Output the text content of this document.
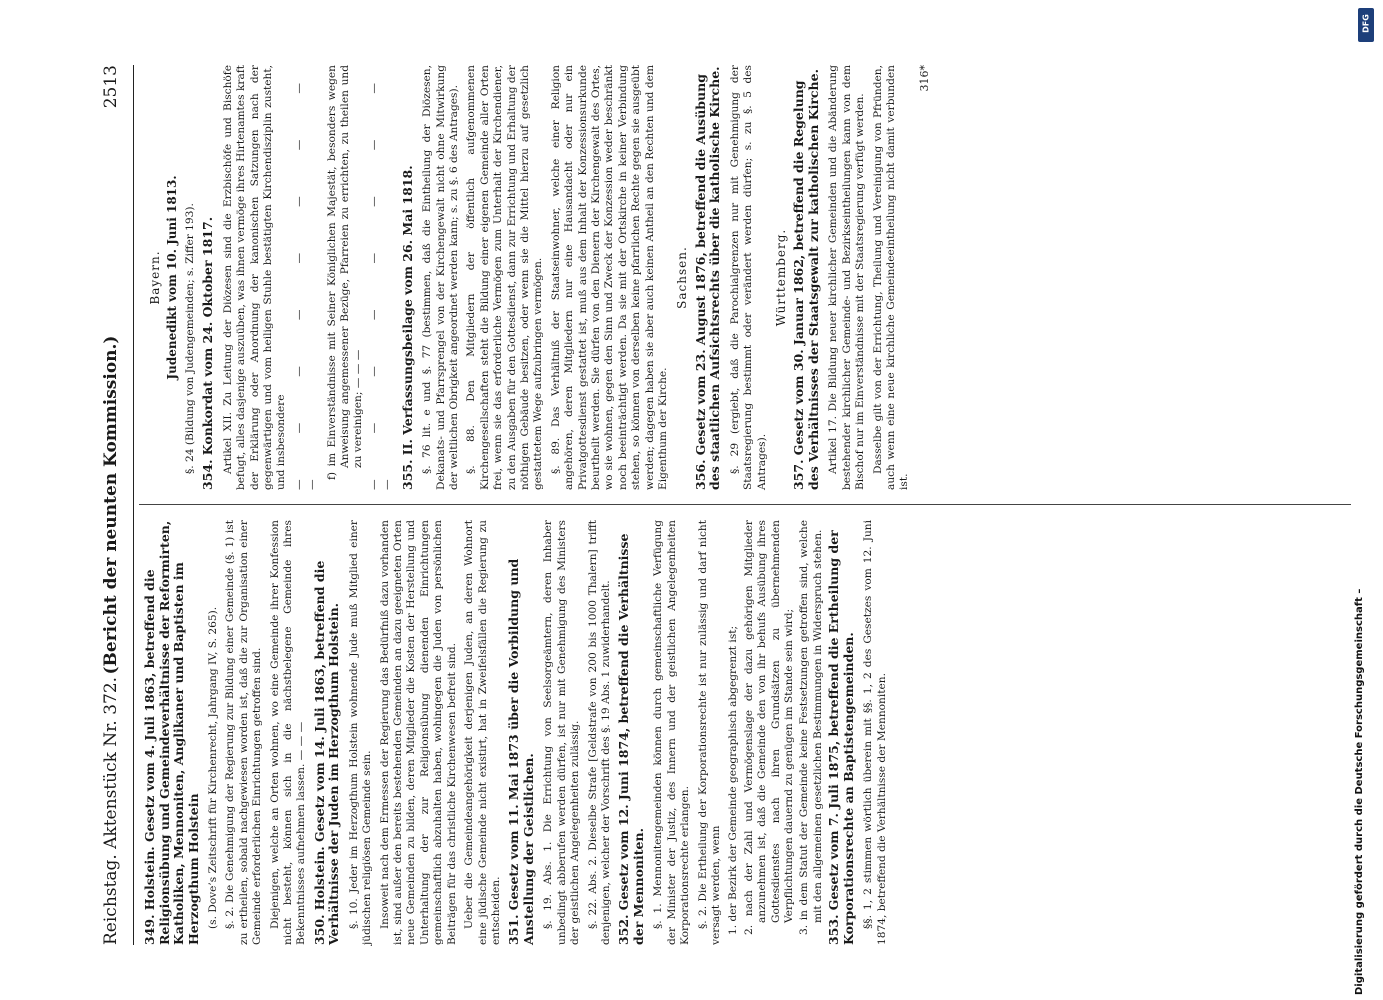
Reichstag. Aktenstück Nr. 372.
(Bericht der neunten Kommission.)
2513
349. Holstein. Gesetz vom 4. Juli 1863, betreffend die Religionsübung und Gemeindeverhältnisse der Reformirten, Katholiken, Mennoniten, Anglikaner und Baptisten im Herzogthum Holstein (s. Dove’s Zeitschrift für Kirchenrecht, Jahrgang IV, S. 265). §. 2. Die Genehmigung der Regierung zur Bildung einer Gemeinde (§. 1) ist zu ertheilen, sobald nachgewiesen worden ist, daß die zur Organisation einer Gemeinde erforderlichen Einrichtungen getroffen sind. Diejenigen, welche an Orten wohnen, wo eine Gemeinde ihrer Konfession nicht besteht, können sich in die nächstbelegene Gemeinde ihres Bekenntnisses aufnehmen lassen. — — — 350. Holstein. Gesetz vom 14. Juli 1863, betreffend die Verhältnisse der Juden im Herzogthum Holstein. §. 10. Jeder im Herzogthum Holstein wohnende Jude muß Mitglied einer jüdischen religiösen Gemeinde sein. Insoweit nach dem Ermessen der Regierung das Bedürfniß dazu vorhanden ist, sind außer den bereits bestehenden Gemeinden an dazu geeigneten Orten neue Gemeinden zu bilden, deren Mitglieder die Kosten der Herstellung und Unterhaltung der zur Religionsübung dienenden Einrichtungen gemeinschaftlich abzuhalten haben, wohingegen die Juden von persönlichen Beiträgen für das christliche Kirchenwesen befreit sind. Ueber die Gemeindeangehörigkeit derjenigen Juden, an deren Wohnort eine jüdische Gemeinde nicht existirt, hat in Zweifelsfällen die Regierung zu entscheiden. 351. Gesetz vom 11. Mai 1873 über die Vorbildung und Anstellung der Geistlichen. §. 19. Abs. 1. Die Errichtung von Seelsorgeämtern, deren Inhaber unbedingt abberufen werden dürfen, ist nur mit Genehmigung des Ministers der geistlichen Angelegenheiten zulässig. §. 22. Abs. 2. Dieselbe Strafe [Geldstrafe von 200 bis 1000 Thalern] trifft denjenigen, welcher der Vorschrift des §. 19 Abs. 1 zuwiderhandelt. 352. Gesetz vom 12. Juni 1874, betreffend die Verhältnisse der Mennoniten. §. 1. Mennonitengemeinden können durch gemeinschaftliche Verfügung der Minister der Justiz, des Innern und der geistlichen Angelegenheiten Korporationsrechte erlangen. §. 2. Die Ertheilung der Korporationsrechte ist nur zulässig und darf nicht versagt werden, wenn 1. der Bezirk der Gemeinde geographisch abgegrenzt ist; 2. nach der Zahl und Vermögenslage der dazu gehörigen Mitglieder anzunehmen ist, daß die Gemeinde den von ihr behufs Ausübung ihres Gottesdienstes nach ihren Grundsätzen zu übernehmenden Verpflichtungen dauernd zu genügen im Stande sein wird; 3. in dem Statut der Gemeinde keine Festsetzungen getroffen sind, welche mit den allgemeinen gesetzlichen Bestimmungen in Widerspruch stehen. 353. Gesetz vom 7. Juli 1875, betreffend die Ertheilung der Korporationsrechte an Baptistengemeinden. §§. 1, 2 stimmen wörtlich überein mit §§. 1, 2 des Gesetzes vom 12. Juni 1874, betreffend die Verhältnisse der Mennoniten.
Bayern. Judenedikt vom 10. Juni 1813. §. 24 (Bildung von Judengemeinden; s. Ziffer 193). 354. Konkordat vom 24. Oktober 1817. Artikel XII. Zu Leitung der Diözesen sind die Erzbischöfe und Bischöfe befugt, alles dasjenige auszuüben, was ihnen vermöge ihres Hirtenamtes kraft der Erklärung oder Anordnung der kanonischen Satzungen nach der gegenwärtigen und vom heiligen Stuhle bestätigten Kirchendisziplin zusteht, und insbesondere — — — — — — — — — f) im Einverständnisse mit Seiner Königlichen Majestät, besonders wegen Anweisung angemessener Bezüge, Pfarreien zu errichten, zu theilen und zu vereinigen; — — — — — — — — — — — — 355. II. Verfassungsbeilage vom 26. Mai 1818. §. 76 lit. e und §. 77 (bestimmen, daß die Eintheilung der Diözesen, Dekanats- und Pfarrsprengel von der Kirchengewalt nicht ohne Mitwirkung der weltlichen Obrigkeit angeordnet werden kann; s. zu §. 6 des Antrages). §. 88. Den Mitgliedern der öffentlich aufgenommenen Kirchengesellschaften steht die Bildung einer eigenen Gemeinde aller Orten frei, wenn sie das erforderliche Vermögen zum Unterhalt der Kirchendiener, zu den Ausgaben für den Gottesdienst, dann zur Errichtung und Erhaltung der nöthigen Gebäude besitzen, oder wenn sie die Mittel hierzu auf gesetzlich gestattetem Wege aufzubringen vermögen. §. 89. Das Verhältniß der Staatseinwohner, welche einer Religion angehören, deren Mitgliedern nur eine Hausandacht oder nur ein Privatgottesdienst gestattet ist, muß aus dem Inhalt der Konzessionsurkunde beurtheilt werden. Sie dürfen von den Dienern der Kirchengewalt des Ortes, wo sie wohnen, gegen den Sinn und Zweck der Konzession weder beschränkt noch beeinträchtigt werden. Da sie mit der Ortskirche in keiner Verbindung stehen, so können von derselben keine pfarrlichen Rechte gegen sie ausgeübt werden; dagegen haben sie aber auch keinen Antheil an den Rechten und dem Eigenthum der Kirche.
Sachsen. 356. Gesetz vom 23. August 1876, betreffend die Ausübung des staatlichen Aufsichtsrechts über die katholische Kirche. §. 29 (ergiebt, daß die Parochialgrenzen nur mit Genehmigung der Staatsregierung bestimmt oder verändert werden dürfen; s. zu §. 5 des Antrages).
Württemberg. 357. Gesetz vom 30. Januar 1862, betreffend die Regelung des Verhältnisses der Staatsgewalt zur katholischen Kirche. Artikel 17. Die Bildung neuer kirchlicher Gemeinden und die Abänderung bestehender kirchlicher Gemeinde- und Bezirkseintheilungen kann von dem Bischof nur im Einverständnisse mit der Staatsregierung verfügt werden. Dasselbe gilt von der Errichtung, Theilung und Vereinigung von Pfründen, auch wenn eine neue kirchliche Gemeindeeintheilung nicht damit verbunden ist.
316*
Digitalisierung gefördert durch die Deutsche Forschungsgemeinschaft –
DFG
